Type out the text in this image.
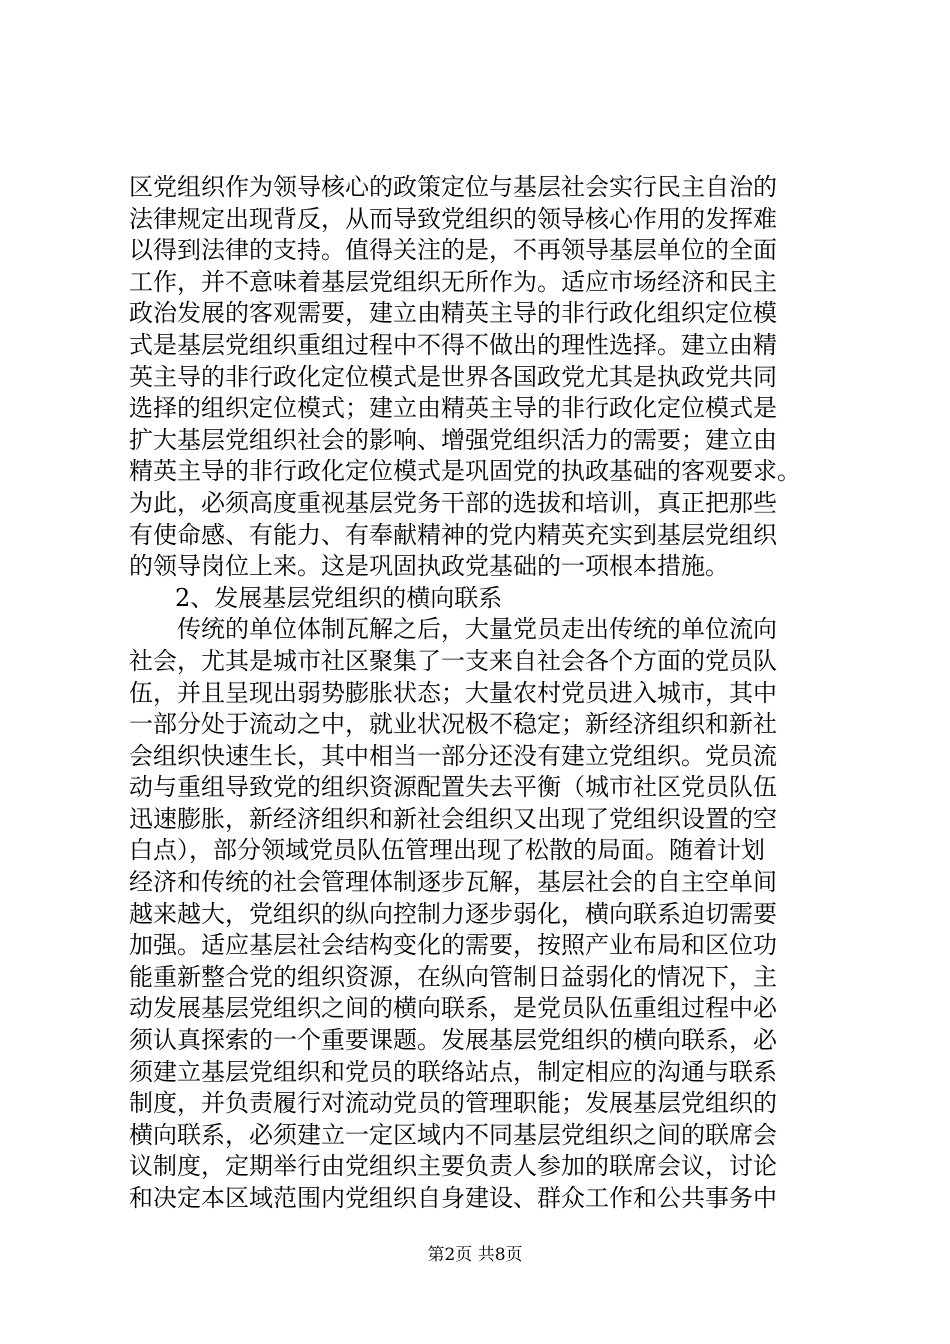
区党组织作为领导核心的政策定位与基层社会实行民主自治的
法律规定出现背反，从而导致党组织的领导核心作用的发挥难
以得到法律的支持。值得关注的是，不再领导基层单位的全面
工作，并不意味着基层党组织无所作为。适应市场经济和民主
政治发展的客观需要，建立由精英主导的非行政化组织定位模
式是基层党组织重组过程中不得不做出的理性选择。建立由精
英主导的非行政化定位模式是世界各国政党尤其是执政党共同
选择的组织定位模式；建立由精英主导的非行政化定位模式是
扩大基层党组织社会的影响、增强党组织活力的需要；建立由
精英主导的非行政化定位模式是巩固党的执政基础的客观要求。
为此，必须高度重视基层党务干部的选拔和培训，真正把那些
有使命感、有能力、有奉献精神的党内精英充实到基层党组织
的领导岗位上来。这是巩固执政党基础的一项根本措施。
2、发展基层党组织的横向联系
传统的单位体制瓦解之后，大量党员走出传统的单位流向
社会，尤其是城市社区聚集了一支来自社会各个方面的党员队
伍，并且呈现出弱势膨胀状态；大量农村党员进入城市，其中
一部分处于流动之中，就业状况极不稳定；新经济组织和新社
会组织快速生长，其中相当一部分还没有建立党组织。党员流
动与重组导致党的组织资源配置失去平衡（城市社区党员队伍
迅速膨胀，新经济组织和新社会组织又出现了党组织设置的空
白点），部分领域党员队伍管理出现了松散的局面。随着计划
经济和传统的社会管理体制逐步瓦解，基层社会的自主空单间
越来越大，党组织的纵向控制力逐步弱化，横向联系迫切需要
加强。适应基层社会结构变化的需要，按照产业布局和区位功
能重新整合党的组织资源，在纵向管制日益弱化的情况下，主
动发展基层党组织之间的横向联系，是党员队伍重组过程中必
须认真探索的一个重要课题。发展基层党组织的横向联系，必
须建立基层党组织和党员的联络站点，制定相应的沟通与联系
制度，并负责履行对流动党员的管理职能；发展基层党组织的
横向联系，必须建立一定区域内不同基层党组织之间的联席会
议制度，定期举行由党组织主要负责人参加的联席会议，讨论
和决定本区域范围内党组织自身建设、群众工作和公共事务中
第2页 共8页
